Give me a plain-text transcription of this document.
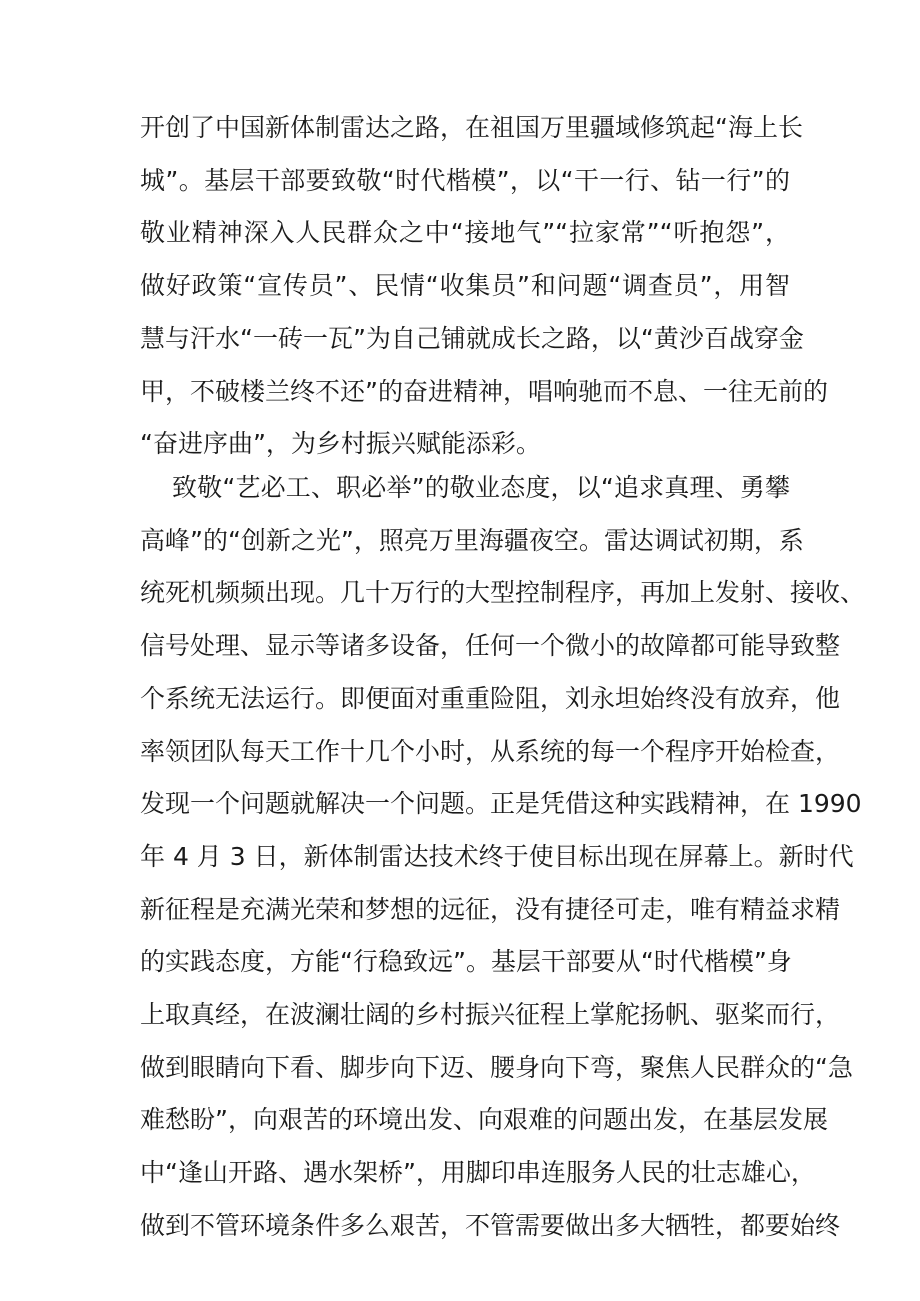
开创了中国新体制雷达之路，在祖国万里疆域修筑起“海上长
城”。基层干部要致敬“时代楷模”，以“干一行、钻一行”的
敬业精神深入人民群众之中“接地气”“拉家常”“听抱怨”，
做好政策“宣传员”、民情“收集员”和问题“调查员”，用智
慧与汗水“一砖一瓦”为自己铺就成长之路，以“黄沙百战穿金
甲，不破楼兰终不还”的奋进精神，唱响驰而不息、一往无前的
“奋进序曲”，为乡村振兴赋能添彩。
致敬“艺必工、职必举”的敬业态度，以“追求真理、勇攀
高峰”的“创新之光”，照亮万里海疆夜空。雷达调试初期，系
统死机频频出现。几十万行的大型控制程序，再加上发射、接收、
信号处理、显示等诸多设备，任何一个微小的故障都可能导致整
个系统无法运行。即便面对重重险阻，刘永坦始终没有放弃，他
率领团队每天工作十几个小时，从系统的每一个程序开始检查，
发现一个问题就解决一个问题。正是凭借这种实践精神，在 1990
年 4 月 3 日，新体制雷达技术终于使目标出现在屏幕上。新时代
新征程是充满光荣和梦想的远征，没有捷径可走，唯有精益求精
的实践态度，方能“行稳致远”。基层干部要从“时代楷模”身
上取真经，在波澜壮阔的乡村振兴征程上掌舵扬帆、驱桨而行，
做到眼睛向下看、脚步向下迈、腰身向下弯，聚焦人民群众的“急
难愁盼”，向艰苦的环境出发、向艰难的问题出发，在基层发展
中“逢山开路、遇水架桥”，用脚印串连服务人民的壮志雄心，
做到不管环境条件多么艰苦，不管需要做出多大牺牲，都要始终
